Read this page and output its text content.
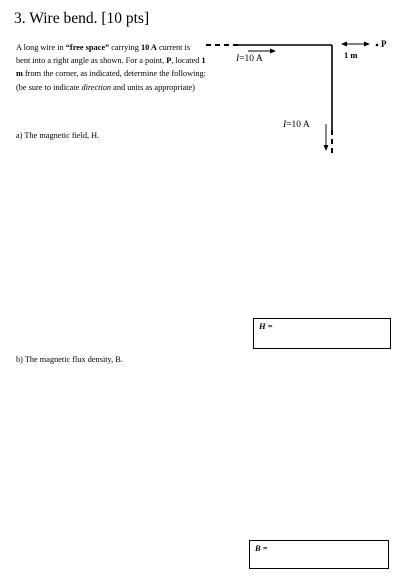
3. Wire bend. [10 pts]
A long wire in “free space” carrying 10 A current is bent into a right angle as shown. For a point, P, located 1 m from the corner, as indicated, determine the following: (be sure to indicate direction and units as appropriate)
I=10 A
I=10 A
1 m
P
a) The magnetic field, H.
H =
b) The magnetic flux density, B.
B =
